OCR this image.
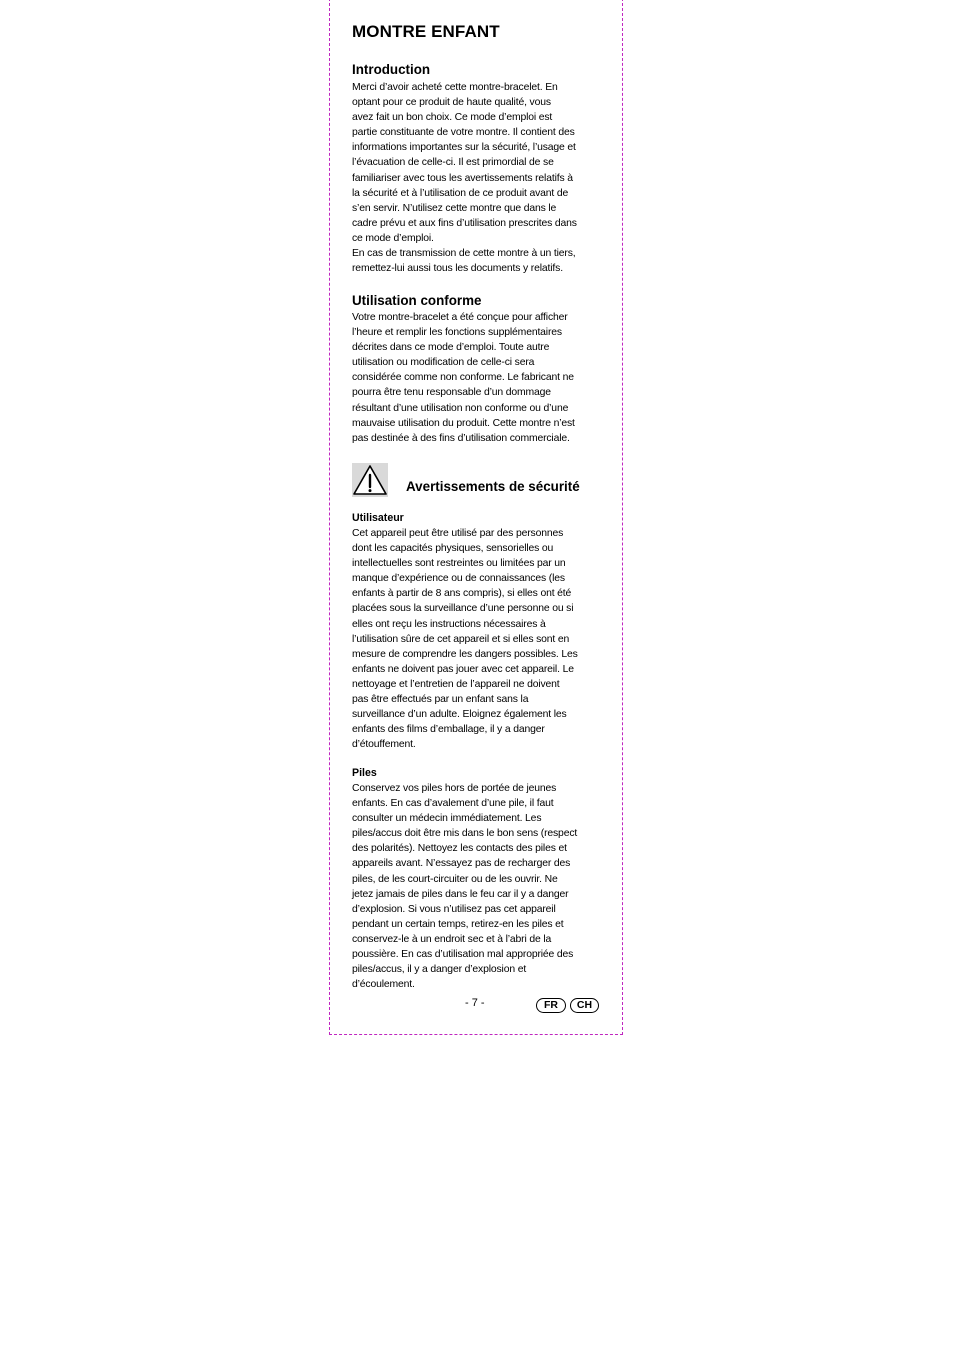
MONTRE ENFANT
Introduction
Merci d’avoir acheté cette montre-bracelet. En
optant pour ce produit de haute qualité, vous
avez fait un bon choix. Ce mode d’emploi est
partie constituante de votre montre. Il contient des
informations importantes sur la sécurité, l’usage et
l’évacuation de celle-ci. Il est primordial de se
familiariser avec tous les avertissements relatifs à
la sécurité et à l’utilisation de ce produit avant de
s’en servir. N’utilisez cette montre que dans le
cadre prévu et aux fins d’utilisation prescrites dans
ce mode d’emploi.
En cas de transmission de cette montre à un tiers,
remettez-lui aussi tous les documents y relatifs.
Utilisation conforme
Votre montre-bracelet a été conçue pour afficher
l’heure et remplir les fonctions supplémentaires
décrites dans ce mode d’emploi. Toute autre
utilisation ou modification de celle-ci sera
considérée comme non conforme. Le fabricant ne
pourra être tenu responsable d’un dommage
résultant d’une utilisation non conforme ou d’une
mauvaise utilisation du produit. Cette montre n’est
pas destinée à des fins d’utilisation commerciale.
Avertissements de sécurité
Utilisateur
Cet appareil peut être utilisé par des personnes
dont les capacités physiques, sensorielles ou
intellectuelles sont restreintes ou limitées par un
manque d’expérience ou de connaissances (les
enfants à partir de 8 ans compris), si elles ont été
placées sous la surveillance d’une personne ou si
elles ont reçu les instructions nécessaires à
l’utilisation sûre de cet appareil et si elles sont en
mesure de comprendre les dangers possibles. Les
enfants ne doivent pas jouer avec cet appareil. Le
nettoyage et l’entretien de l’appareil ne doivent
pas être effectués par un enfant sans la
surveillance d’un adulte. Eloignez également les
enfants des films d’emballage, il y a danger
d’étouffement.
Piles
Conservez vos piles hors de portée de jeunes
enfants. En cas d’avalement d’une pile, il faut
consulter un médecin immédiatement. Les
piles/accus doit être mis dans le bon sens (respect
des polarités). Nettoyez les contacts des piles et
appareils avant. N’essayez pas de recharger des
piles, de les court-circuiter ou de les ouvrir. Ne
jetez jamais de piles dans le feu car il y a danger
d’explosion. Si vous n’utilisez pas cet appareil
pendant un certain temps, retirez-en les piles et
conservez-le à un endroit sec et à l’abri de la
poussière. En cas d’utilisation mal appropriée des
piles/accus, il y a danger d’explosion et
d’écoulement.
- 7 -	FR	CH
